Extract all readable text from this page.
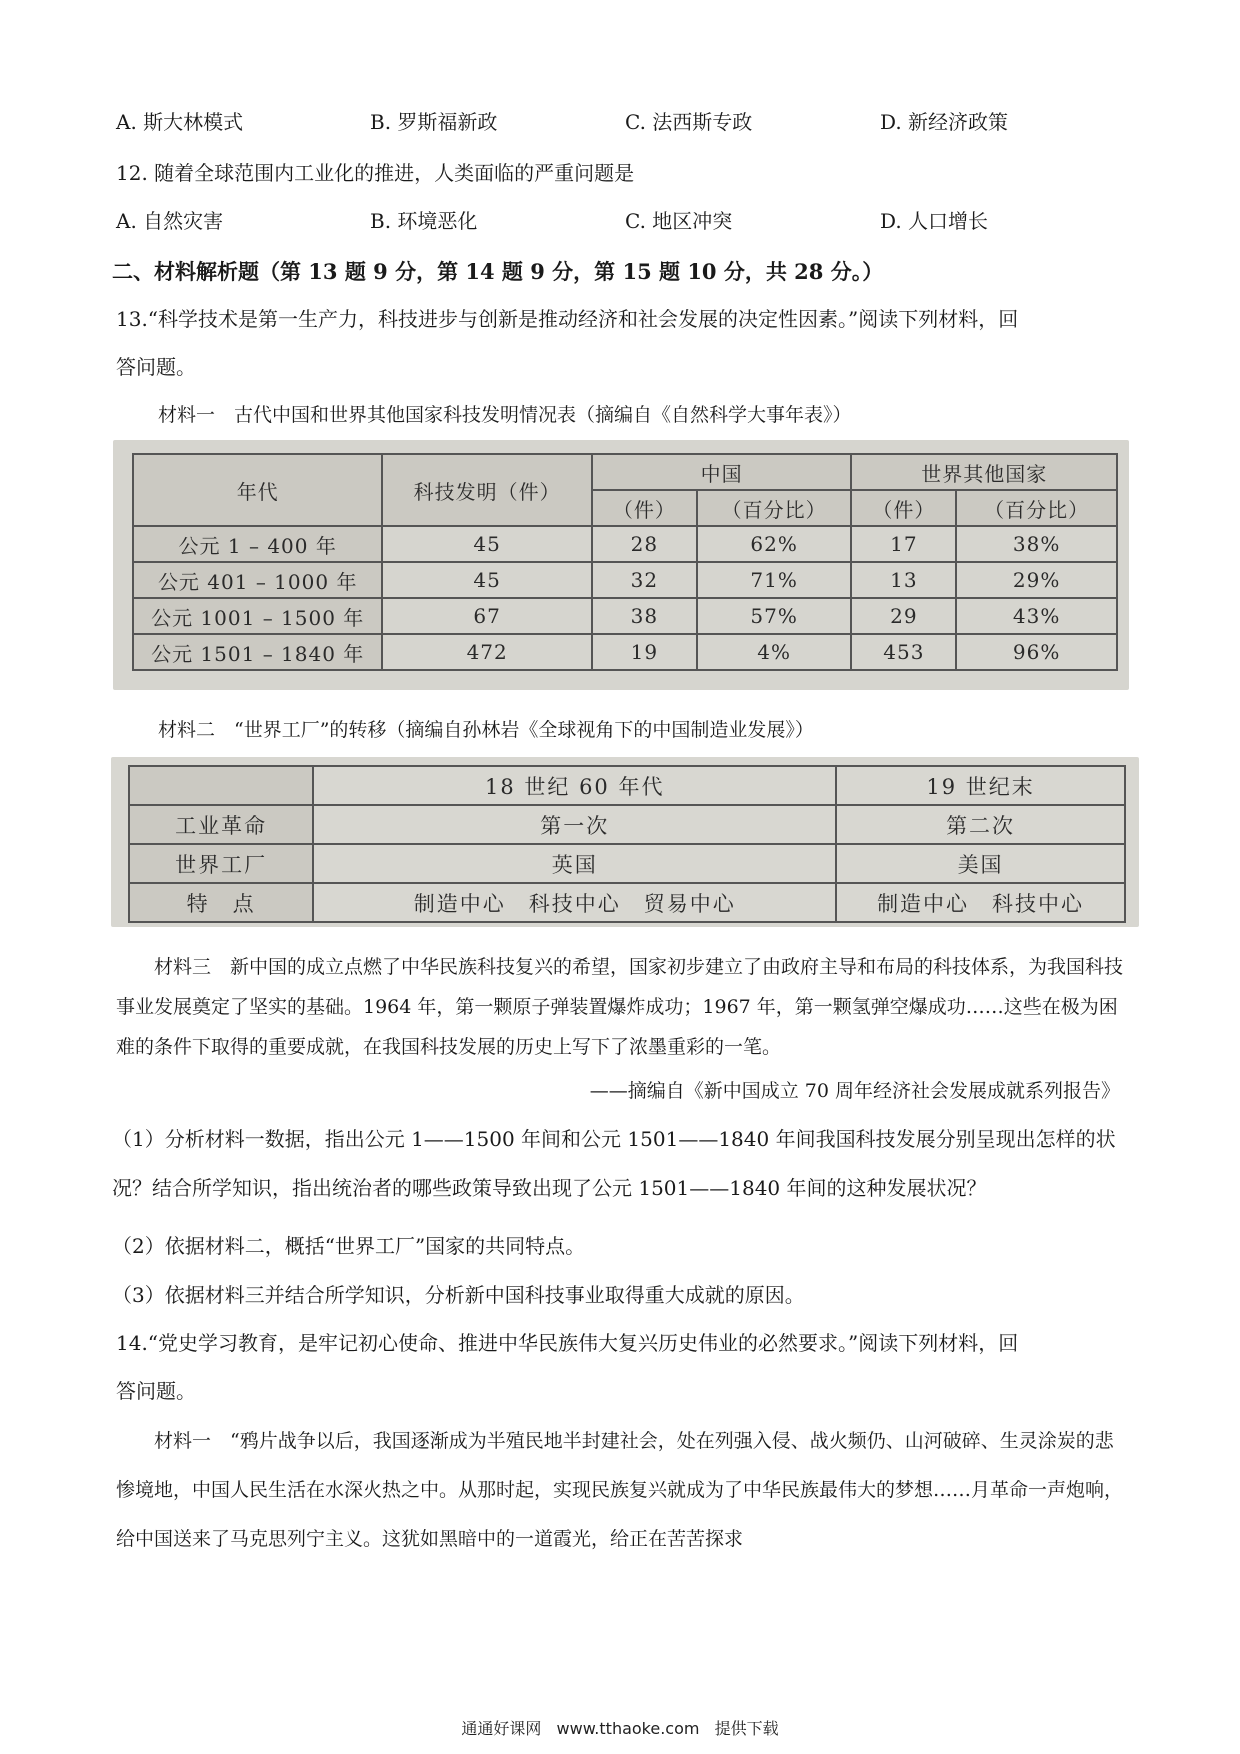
A. 斯大林模式	B. 罗斯福新政	C. 法西斯专政	D. 新经济政策
12. 随着全球范围内工业化的推进，人类面临的严重问题是
A. 自然灾害	B. 环境恶化	C. 地区冲突	D. 人口增长
二、材料解析题（第 13 题 9 分，第 14 题 9 分，第 15 题 10 分，共 28 分。）
13.“科学技术是第一生产力，科技进步与创新是推动经济和社会发展的决定性因素。”阅读下列材料，回
答问题。
材料一　古代中国和世界其他国家科技发明情况表（摘编自《自然科学大事年表》）
年代	科技发明（件）	中国		世界其他国家	
		（件）	（百分比）	（件）	（百分比）
公元 1 – 400 年	45	28	62%	17	38%
公元 401 – 1000 年	45	32	71%	13	29%
公元 1001 – 1500 年	67	38	57%	29	43%
公元 1501 – 1840 年	472	19	4%	453	96%
材料二　“世界工厂”的转移（摘编自孙林岩《全球视角下的中国制造业发展》）
	18 世纪 60 年代	19 世纪末
工业革命	第一次	第二次
世界工厂	英国	美国
特　点	制造中心　科技中心　贸易中心	制造中心　科技中心
材料三　新中国的成立点燃了中华民族科技复兴的希望，国家初步建立了由政府主导和布局的科技体系，为我国科技事业发展奠定了坚实的基础。1964 年，第一颗原子弹装置爆炸成功；1967 年，第一颗氢弹空爆成功……这些在极为困难的条件下取得的重要成就，在我国科技发展的历史上写下了浓墨重彩的一笔。
——摘编自《新中国成立 70 周年经济社会发展成就系列报告》
（1）分析材料一数据，指出公元 1——1500 年间和公元 1501——1840 年间我国科技发展分别呈现出怎样的状况？结合所学知识，指出统治者的哪些政策导致出现了公元 1501——1840 年间的这种发展状况？
（2）依据材料二，概括“世界工厂”国家的共同特点。
（3）依据材料三并结合所学知识，分析新中国科技事业取得重大成就的原因。
14.“党史学习教育，是牢记初心使命、推进中华民族伟大复兴历史伟业的必然要求。”阅读下列材料，回
答问题。
材料一　“鸦片战争以后，我国逐渐成为半殖民地半封建社会，处在列强入侵、战火频仍、山河破碎、生灵涂炭的悲惨境地，中国人民生活在水深火热之中。从那时起，实现民族复兴就成为了中华民族最伟大的梦想……月革命一声炮响，给中国送来了马克思列宁主义。这犹如黑暗中的一道霞光，给正在苦苦探求
通通好课网 www.tthaoke.com 提供下载
